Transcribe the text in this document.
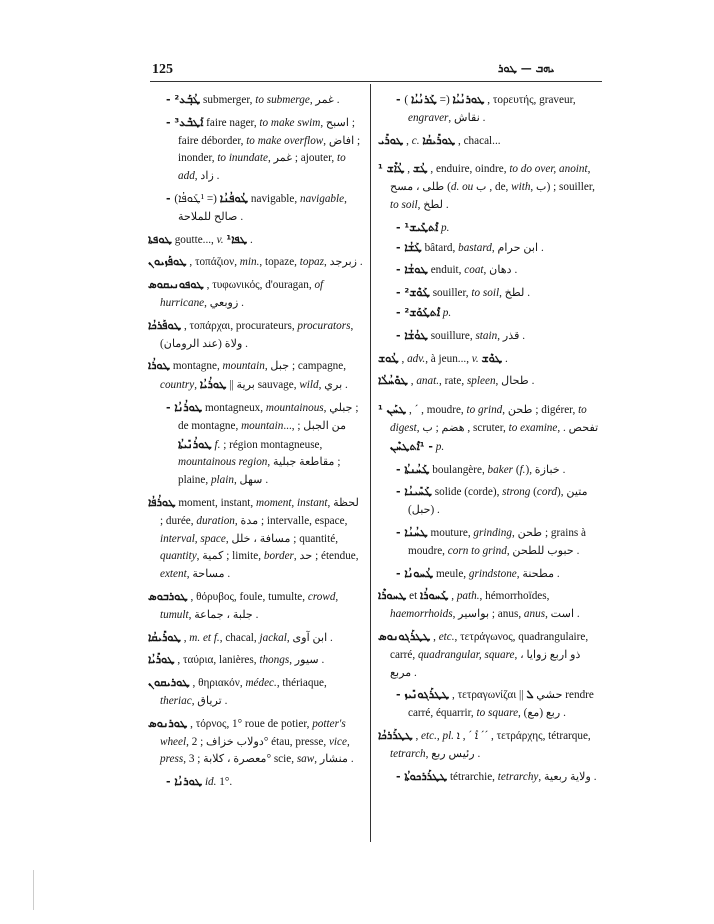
125	ܝܗܒ — ܛܘܪ
- ²ܛܳܒ݂ܰܥ submerger, to submerge, غمر .
- ³ܐܰܛܒܶܥ faire nager, to make swim, اسبح ; faire déborder, to make overflow, افاض ; inonder, to inundate, غمر ; ajouter, to add, زاد .
- ܛܳܘܦܳܢܳܐ (= ¹ܛܰܘܦܳܐ) navigable, navigable, صالح للملاحة .
ܛܘܦܬܐ goutte..., v. ¹ܛܦܐ .
ܛܘܦܰܙܝܘܢ , τοπάζιον, min., topaze, topaz, زبرجد .
ܛܘܦܘܢܝܩܘܣ , τυφωνικός, d'ouragan, of hurricane, زوبعي .
ܛܘܦܰܪܟܳܐ , τοπάρχαι, procurateurs, procurators, (عند الرومان) ولاة .
ܛܘܪܳܐ montagne, mountain, جبل ; campagne, country, برية || ܛܘܪܳܝܳܐ	sauvage, wild, بري .
- ܛܘܪܳܢܳܐ montagneux, mountainous, جبلي ; de montagne, mountain..., من الجبل ; ܛܘܪܳܢܺܝܬܳܐ f. ; région montagneuse, mountainous region, مقاطعة جبلية ; plaine, plain, سهل .
ܛܘܪܳܦܳܐ moment, instant, moment, instant, لحظة ; durée, duration, مدة ; intervalle, espace, interval, space, مسافة ، خلل ; quantité, quantity, كمية ; limite, border, حد ; étendue, extent, مساحة .
ܛܘܪܒܘܣ , θόρυβος, foule, tumulte, crowd, tumult, جلبة ، جماعة .
ܛܘܪܺܝܩܳܐ , m. et f., chacal, jackal, ابن آوى .
ܛܘܪܺܝܳܐ , ταύρια, lanières, thongs, سيور .
ܛܘܪܝܩܘܢ , θηριακόν, médec., thériaque, theriac, ترياق .
ܛܘܪܢܘܣ , τόρνος, 1° roue de potier, potter's wheel, دولاب خزاف ; 2° étau, presse, vice, press, معصرة ، كلابة ; 3° scie, saw, منشار .
- ܛܘܪܢܳܐ id. 1°.
- ܛܘܪܢܳܝܳܐ (= ܛܰܪܢܳܝܳܐ ) , τορευτής, graveur, engraver, نقاش .
ܛܘܪܺܝ , c. ܛܘܪܺܝܩܳܐ , chacal...
¹ ܛܳܫ , ܛܳܐܶܫ , enduire, oindre, to do over, anoint, طلى ، مسح (d. ou ب , de, with, ب) ; souiller, to soil, لطخ .
- ¹ܐܶܬܛܺܝܫ p.
- ܛܰܫܳܐ bâtard, bastard, ابن حرام .
- ܛܘܫܳܐ enduit, coat, دهان .
- ²ܛܰܘܶܫ souiller, to soil, لطخ .
- ²ܐܶܬܛܰܘܰܫ p.
- ܛܘܳܫܳܐ souillure, stain, قذر .
ܛܳܘܫ , adv., à jeun..., v. ܛܘܶܫ .
ܛܘܺܚܳܠܳܐ , anat., rate, spleen, طحال .
¹ ܛܚܰܢ , ˊ , moudre, to grind, طحن ; digérer, to digest, هضم ; ب , scruter, to examine, تفحص . - ¹ܐܶܬܛܚܶܢ p.
- ܛܰܚܳܢܬܳܐ boulangère, baker (f.), خبازة .
- ܛܰܚܺܝܢܳܐ solide (corde), strong (cord), متين (حبل) .
- ܛܚܳܢܳܐ mouture, grinding, طحن ; grains à moudre, corn to grind, حبوب للطحن .
- ܛܳܚܘܢܳܐ meule, grindstone, مطحنة .
ܛܚܘܪܶܐ et ܛܰܚܘܪܳܐ , path., hémorrhoïdes, haemorrhoids, بواسير ; anus, anus, است .
ܛܛܪܰܓܘܢܘܣ , etc., τετράγωνος, quadrangulaire, carré, quadrangular, square, ذو اربع زوايا ، مربع .
- ܛܛܪܰܓܘܢܺܝܙ , τετραγωνίζαι || حشي ܠ	rendre carré, équarrir, to square, ربع (مع) .
ܛܛܪܰܪܟܳܐ , etc., pl. ܐܶ ˊ , ܐ ˊˊ , τετράρχης, tétrarque, tetrarch, رئيس ربع .
- ܛܛܪܰܪܟܘܬܳܐ tétrarchie, tetrarchy, ولاية ربعية .
